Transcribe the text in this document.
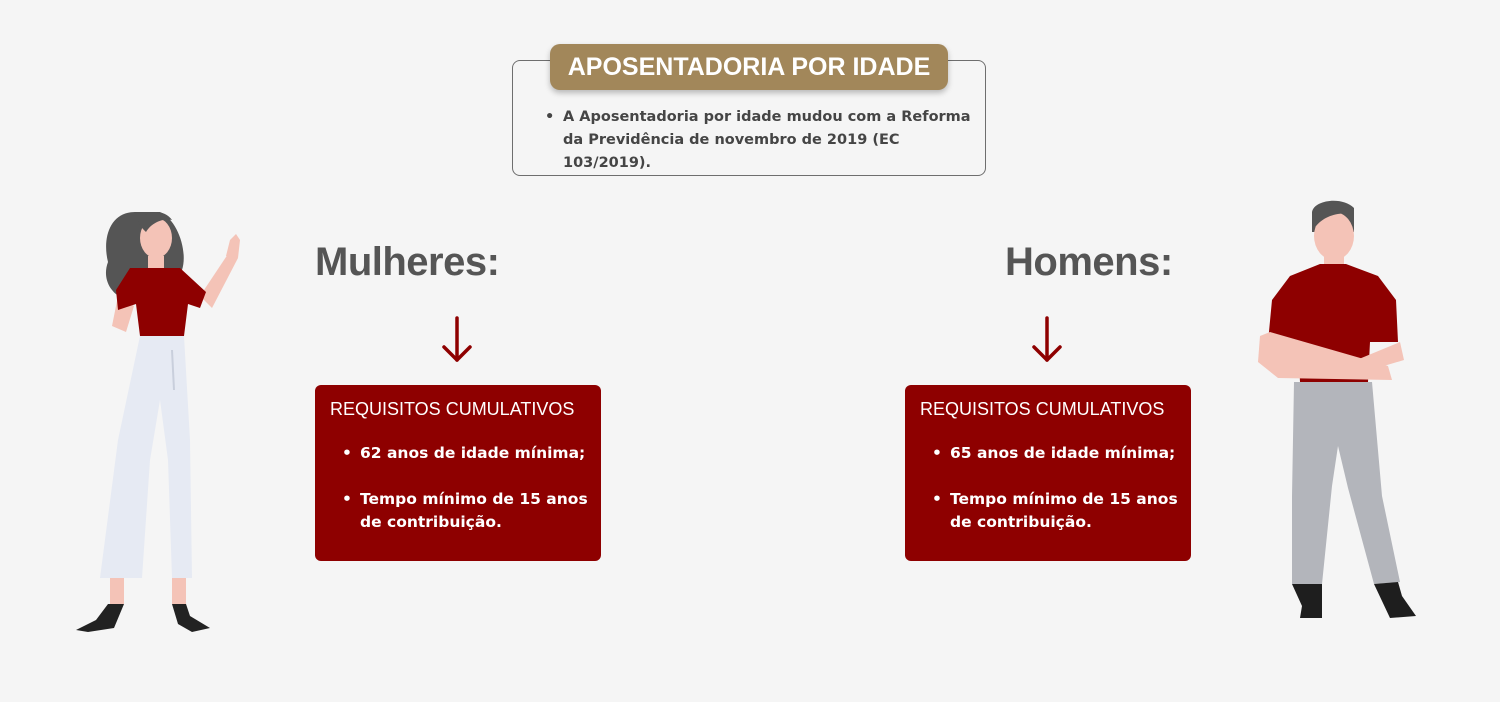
APOSENTADORIA POR IDADE
• A Aposentadoria por idade mudou com a Reforma da Previdência de novembro de 2019 (EC 103/2019).
Mulheres:
REQUISITOS CUMULATIVOS
• 62 anos de idade mínima;
• Tempo mínimo de 15 anos de contribuição.
Homens:
REQUISITOS CUMULATIVOS
• 65 anos de idade mínima;
• Tempo mínimo de 15 anos de contribuição.
